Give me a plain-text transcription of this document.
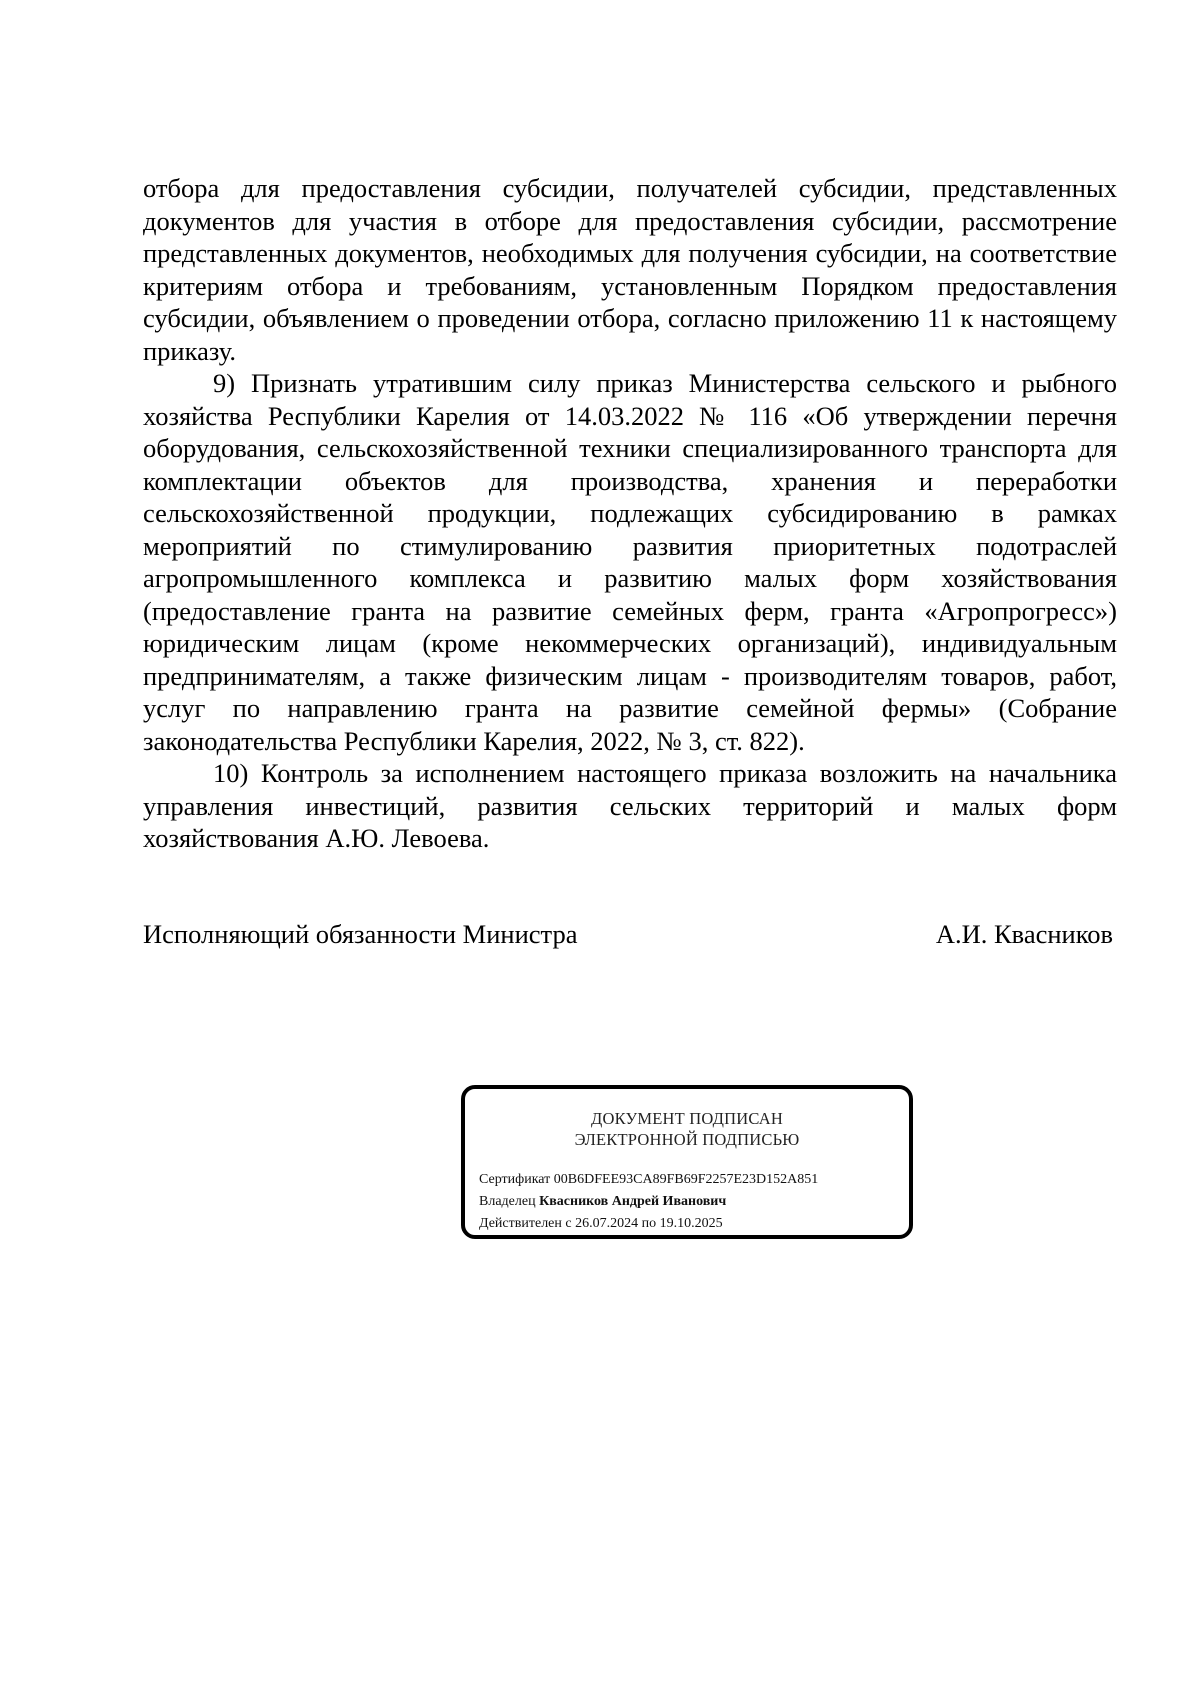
отбора для предоставления субсидии, получателей субсидии, представленных документов для участия в отборе для предоставления субсидии, рассмотрение представленных документов, необходимых для получения субсидии, на соответствие критериям отбора и требованиям, установленным Порядком предоставления субсидии, объявлением о проведении отбора, согласно приложению 11 к настоящему приказу.

9) Признать утратившим силу приказ Министерства сельского и рыбного хозяйства Республики Карелия от 14.03.2022 № 116 «Об утверждении перечня оборудования, сельскохозяйственной техники специализированного транспорта для комплектации объектов для производства, хранения и переработки сельскохозяйственной продукции, подлежащих субсидированию в рамках мероприятий по стимулированию развития приоритетных подотраслей агропромышленного комплекса и развитию малых форм хозяйствования (предоставление гранта на развитие семейных ферм, гранта «Агропрогресс») юридическим лицам (кроме некоммерческих организаций), индивидуальным предпринимателям, а также физическим лицам - производителям товаров, работ, услуг по направлению гранта на развитие семейной фермы» (Собрание законодательства Республики Карелия, 2022, № 3, ст. 822).

10) Контроль за исполнением настоящего приказа возложить на начальника управления инвестиций, развития сельских территорий и малых форм хозяйствования А.Ю. Левоева.

Исполняющий обязанности Министра	А.И. Квасников
ДОКУМЕНТ ПОДПИСАН
ЭЛЕКТРОННОЙ ПОДПИСЬЮ
Сертификат 00B6DFEE93CA89FB69F2257E23D152A851
Владелец Квасников Андрей Иванович
Действителен с 26.07.2024 по 19.10.2025
